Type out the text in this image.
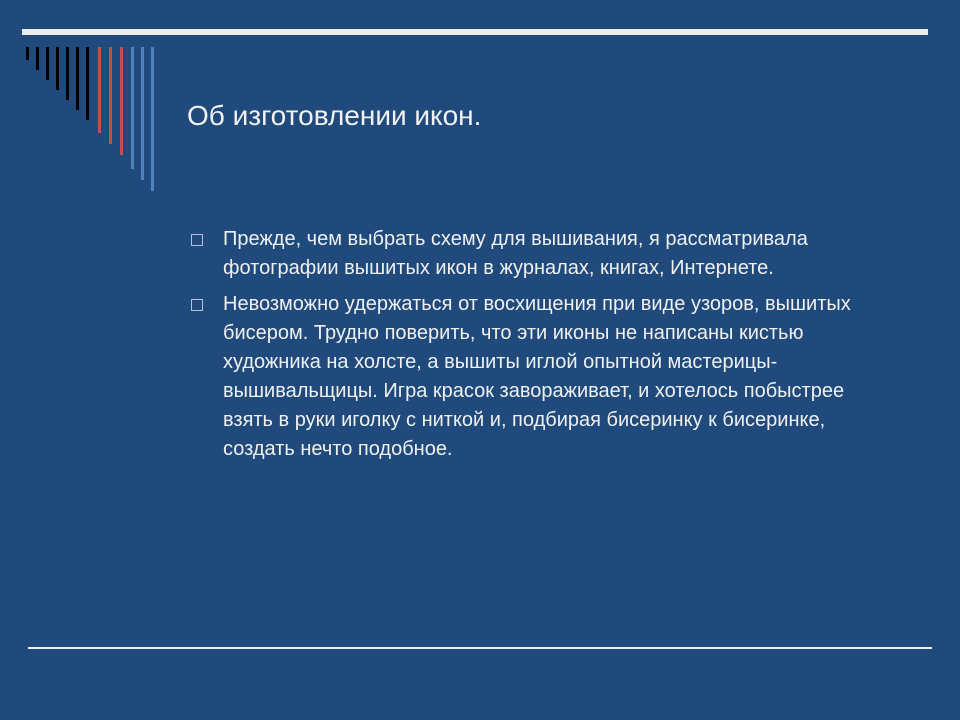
Об изготовлении икон.
Прежде, чем выбрать схему для вышивания, я рассматривала фотографии вышитых икон в журналах, книгах, Интернете.
Невозможно удержаться от восхищения при виде узоров, вышитых бисером. Трудно поверить, что эти иконы не написаны кистью художника на холсте, а вышиты иглой опытной мастерицы-вышивальщицы. Игра красок завораживает, и хотелось побыстрее взять в руки иголку с ниткой и, подбирая бисеринку к бисеринке, создать нечто подобное.
